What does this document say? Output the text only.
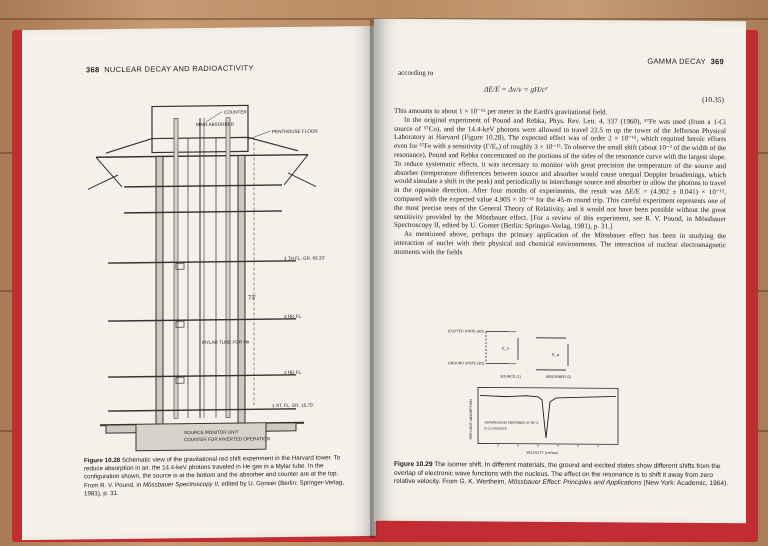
368 NUCLEAR DECAY AND RADIOACTIVITY
73'
COUNTER
MAIN ABSORBER
PENTHOUSE FLOOR
4 TH FL. GR. 69.33'
3 RD FL.
MYLAR TUBE FOR He
2 ND FL.
1 ST. FL. GR. 15.70'
SOURCE MONITOR UNIT
COUNTER FOR INVERTED OPERATION
Figure 10.28 Schematic view of the gravitational red shift experiment in the Harvard tower. To reduce absorption in air, the 14.4-keV photons traveled in He gas in a Mylar tube. In the configuration shown, the source is at the bottom and the absorber and counter are at the top. From R. V. Pound, in Mössbauer Spectroscopy II, edited by U. Gonser (Berlin: Springer-Verlag, 1981), p. 31.
GAMMA DECAY 369
according to
ΔE/E = Δν/ν = gH/c²
(10.35)

This amounts to about 1 × 10⁻¹⁵ per meter in the Earth's gravitational field.

In the original experiment of Pound and Rebka, Phys. Rev. Lett. 4, 337 (1960), ⁵⁷Fe was used (from a 1-Ci source of ⁵⁷Co), and the 14.4-keV photons were allowed to travel 22.5 m up the tower of the Jefferson Physical Laboratory at Harvard (Figure 10.28). The expected effect was of order 2 × 10⁻¹⁵, which required heroic efforts even for ⁵⁷Fe with a sensitivity (Γ/E₀) of roughly 3 × 10⁻¹³. To observe the small shift (about 10⁻² of the width of the resonance), Pound and Rebka concentrated on the portions of the sides of the resonance curve with the largest slope. To reduce systematic effects, it was necessary to monitor with great precision the temperature of the source and absorber (temperature differences between source and absorber would cause unequal Doppler broadenings, which would simulate a shift in the peak) and periodically to interchange source and absorber to allow the photons to travel in the opposite direction. After four months of experiments, the result was ΔE/E = (4.902 ± 0.041) × 10⁻¹⁵, compared with the expected value 4.905 × 10⁻¹⁵ for the 45-m round trip. This careful experiment represents one of the most precise tests of the General Theory of Relativity, and it would not have been possible without the great sensitivity provided by the Mössbauer effect. [For a review of this experiment, see R. V. Pound, in Mössbauer Spectroscopy II, edited by U. Gonser (Berlin: Springer-Verlag, 1981), p. 31.]

As mentioned above, perhaps the primary application of the Mössbauer effect has been in studying the interaction of nuclei with their physical and chemical environments. The interaction of nuclear electromagnetic moments with the fields

EXCITED STATE (9/2)
GROUND STATE (3/2)
E_s
E_a
SOURCE (1)	ABSORBER (2)
VERWALMUNG ABSORBER AT 80° K
Cr-Co SOURCE
VELOCITY (cm/sec)
PER CENT ABSORPTION
Figure 10.29 The isomer shift. In different materials, the ground and excited states show different shifts from the overlap of electronic wave functions with the nucleus. The effect on the resonance is to shift it away from zero relative velocity. From G. K. Wertheim, Mössbauer Effect: Principles and Applications (New York: Academic, 1964).
